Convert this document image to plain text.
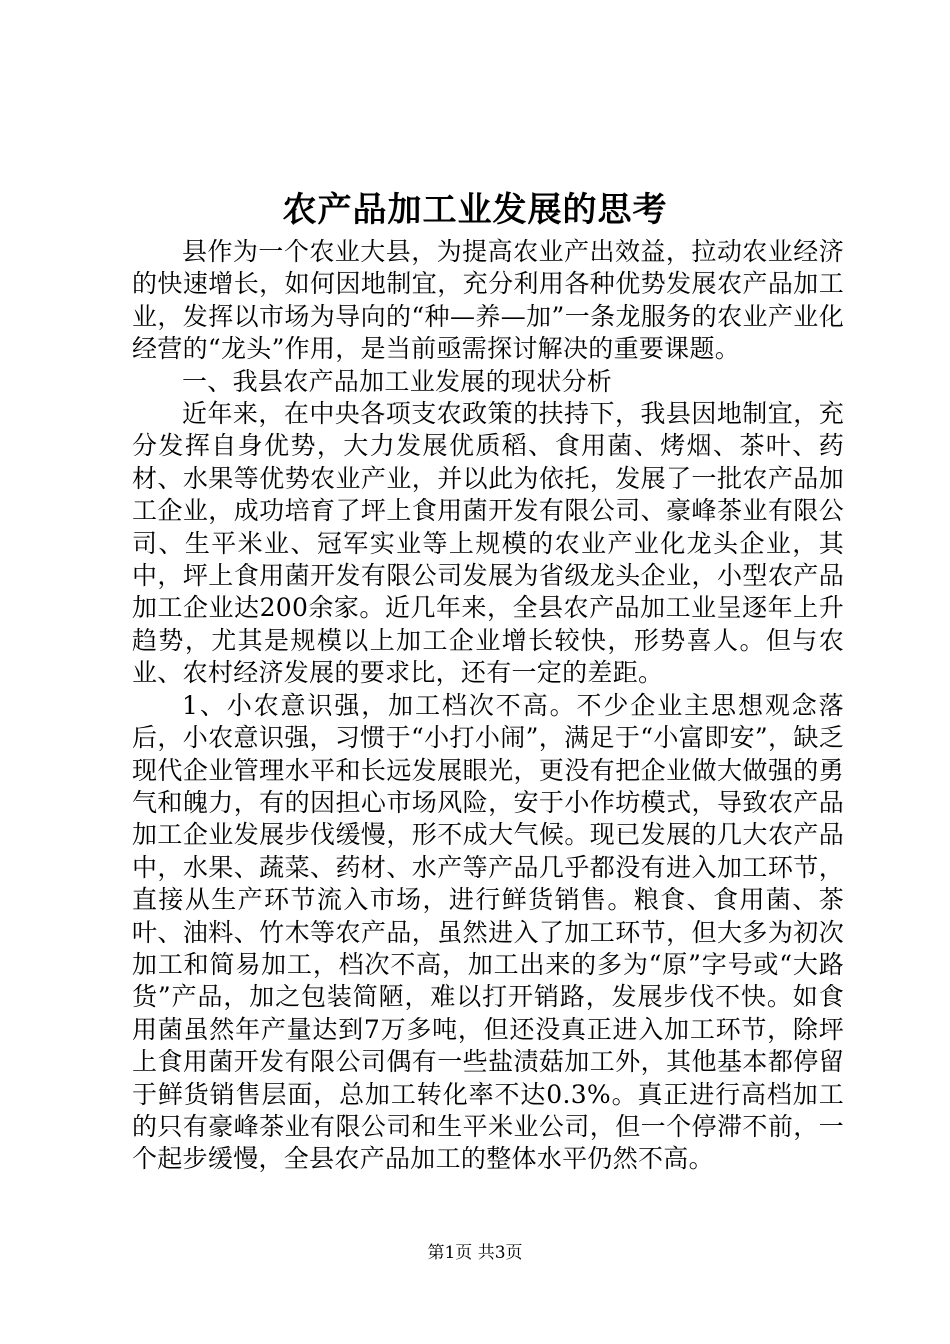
农产品加工业发展的思考

县作为一个农业大县，为提高农业产出效益，拉动农业经济的快速增长，如何因地制宜，充分利用各种优势发展农产品加工业，发挥以市场为导向的“种—养—加”一条龙服务的农业产业化经营的“龙头”作用，是当前亟需探讨解决的重要课题。

一、我县农产品加工业发展的现状分析

近年来，在中央各项支农政策的扶持下，我县因地制宜，充分发挥自身优势，大力发展优质稻、食用菌、烤烟、茶叶、药材、水果等优势农业产业，并以此为依托，发展了一批农产品加工企业，成功培育了坪上食用菌开发有限公司、豪峰茶业有限公司、生平米业、冠军实业等上规模的农业产业化龙头企业，其中，坪上食用菌开发有限公司发展为省级龙头企业，小型农产品加工企业达200余家。近几年来，全县农产品加工业呈逐年上升趋势，尤其是规模以上加工企业增长较快，形势喜人。但与农业、农村经济发展的要求比，还有一定的差距。

1、小农意识强，加工档次不高。不少企业主思想观念落后，小农意识强，习惯于“小打小闹”，满足于“小富即安”，缺乏现代企业管理水平和长远发展眼光，更没有把企业做大做强的勇气和魄力，有的因担心市场风险，安于小作坊模式，导致农产品加工企业发展步伐缓慢，形不成大气候。现已发展的几大农产品中，水果、蔬菜、药材、水产等产品几乎都没有进入加工环节，直接从生产环节流入市场，进行鲜货销售。粮食、食用菌、茶叶、油料、竹木等农产品，虽然进入了加工环节，但大多为初次加工和简易加工，档次不高，加工出来的多为“原”字号或“大路货”产品，加之包装简陋，难以打开销路，发展步伐不快。如食用菌虽然年产量达到7万多吨，但还没真正进入加工环节，除坪上食用菌开发有限公司偶有一些盐渍菇加工外，其他基本都停留于鲜货销售层面，总加工转化率不达0.3%。真正进行高档加工的只有豪峰茶业有限公司和生平米业公司，但一个停滞不前，一个起步缓慢，全县农产品加工的整体水平仍然不高。

第1页 共3页
